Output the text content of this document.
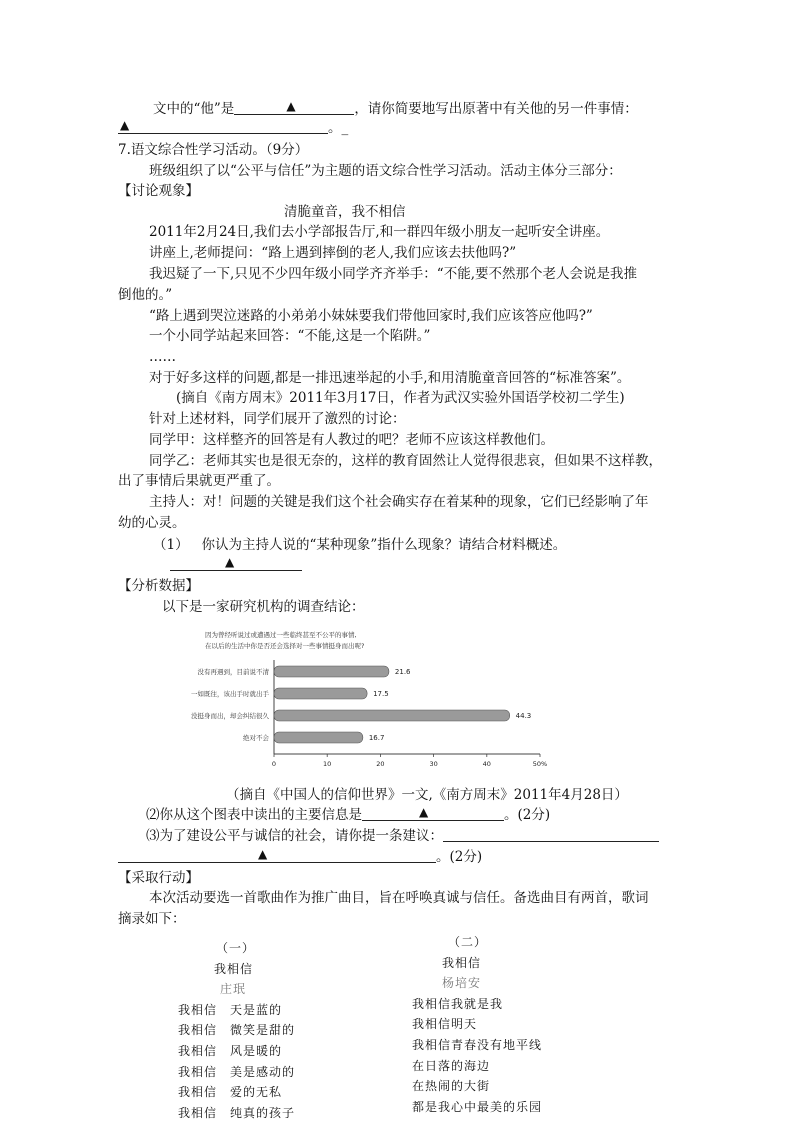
文中的“他”是	▲	，请你简要地写出原著中有关他的另一件事情：
▲	。_
7.语文综合性学习活动。（9分）
班级组织了以“公平与信任”为主题的语文综合性学习活动。活动主体分三部分：
【讨论观象】
清脆童音，我不相信
2011年2月24日,我们去小学部报告厅,和一群四年级小朋友一起听安全讲座。
讲座上,老师提问：“路上遇到摔倒的老人,我们应该去扶他吗?”
我迟疑了一下,只见不少四年级小同学齐齐举手：“不能,要不然那个老人会说是我推
倒他的。”
“路上遇到哭泣迷路的小弟弟小妹妹要我们带他回家时,我们应该答应他吗?”
一个小同学站起来回答：“不能,这是一个陷阱。”
……
对于好多这样的问题,都是一排迅速举起的小手,和用清脆童音回答的“标准答案”。
(摘自《南方周末》2011年3月17日，作者为武汉实验外国语学校初二学生)
针对上述材料，同学们展开了激烈的讨论：
同学甲：这样整齐的回答是有人教过的吧？老师不应该这样教他们。
同学乙：老师其实也是很无奈的，这样的教育固然让人觉得很悲哀，但如果不这样教，
出了事情后果就更严重了。
主持人：对！问题的关键是我们这个社会确实存在着某种的现象，它们已经影响了年
幼的心灵。
（1） 你认为主持人说的“某种现象”指什么现象？请结合材料概述。
▲
【分析数据】
以下是一家研究机构的调查结论：
因为曾经听说过或遭遇过一些临终甚至不公平的事情,
在以后的生活中你是否还会选择对一些事情挺身而出呢?
没有再遇到，目前说不清
一如既往，该出手时就出手
没挺身而出，却会纠结很久
绝对不会
21.6
17.5
44.3
16.7
0	10	20	30	40	50%
（摘自《中国人的信仰世界》一文,《南方周末》2011年4月28日）
⑵你从这个图表中读出的主要信息是	▲	。(2分)
⑶为了建设公平与诚信的社会，请你提一条建议：
▲	。(2分)
【采取行动】
本次活动要选一首歌曲作为推广曲目，旨在呼唤真诚与信任。备选曲目有两首，歌词
摘录如下：
（一）
我相信
庄珉
我相信　天是蓝的
我相信　微笑是甜的
我相信　风是暖的
我相信　美是感动的
我相信　爱的无私
我相信　纯真的孩子
（二）
我相信
杨培安
我相信我就是我
我相信明天
我相信青春没有地平线
在日落的海边
在热闹的大街
都是我心中最美的乐园
